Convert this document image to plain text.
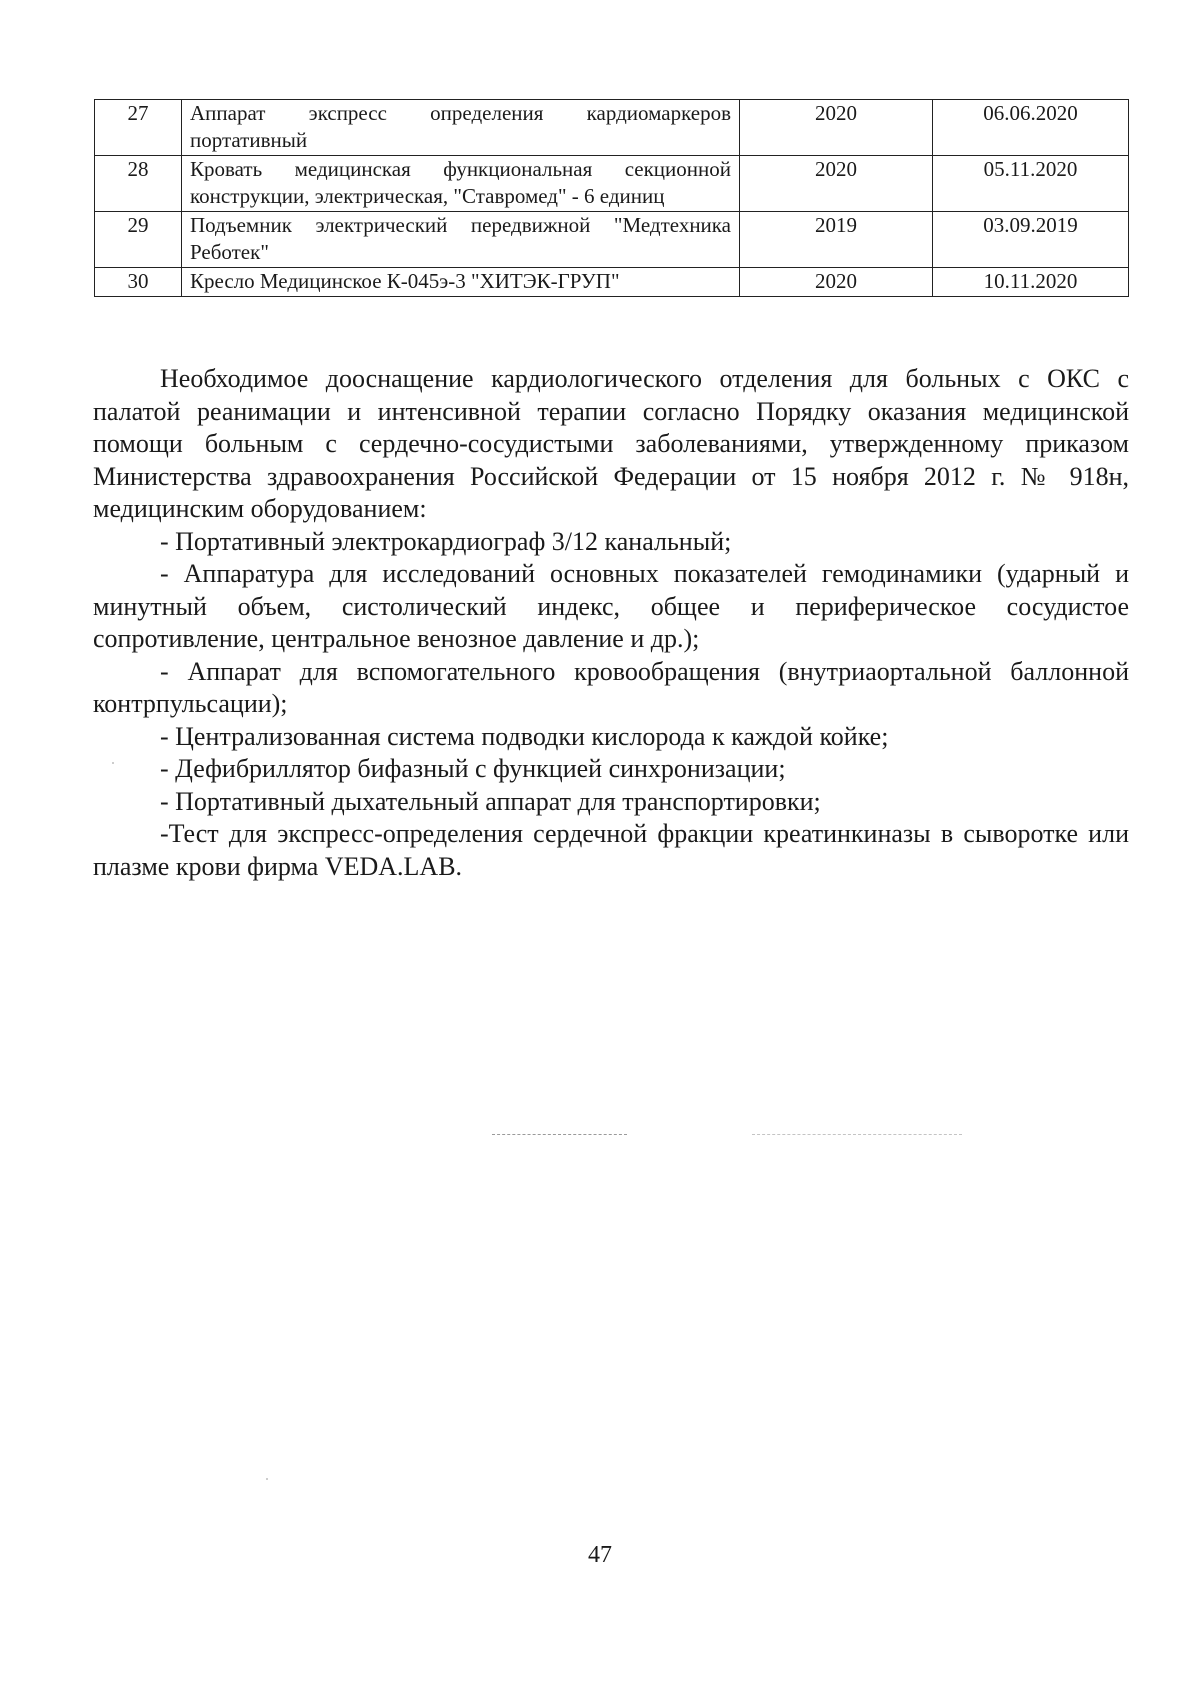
27	Аппарат экспресс определения кардиомаркеров портативный	2020	06.06.2020
28	Кровать медицинская функциональная секционной конструкции, электрическая, "Ставромед" - 6 единиц	2020	05.11.2020
29	Подъемник электрический передвижной "Медтехника Реботек"	2019	03.09.2019
30	Кресло Медицинское К-045э-3 "ХИТЭК-ГРУП"	2020	10.11.2020

Необходимое дооснащение кардиологического отделения для больных с ОКС с палатой реанимации и интенсивной терапии согласно Порядку оказания медицинской помощи больным с сердечно-сосудистыми заболеваниями, утвержденному приказом Министерства здравоохранения Российской Федерации от 15 ноября 2012 г. № 918н, медицинским оборудованием:

- Портативный электрокардиограф 3/12 канальный;

- Аппаратура для исследований основных показателей гемодинамики (ударный и минутный объем, систолический индекс, общее и периферическое сосудистое сопротивление, центральное венозное давление и др.);

- Аппарат для вспомогательного кровообращения (внутриаортальной баллонной контрпульсации);

- Централизованная система подводки кислорода к каждой койке;

- Дефибриллятор бифазный с функцией синхронизации;

- Портативный дыхательный аппарат для транспортировки;

-Тест для экспресс-определения сердечной фракции креатинкиназы в сыворотке или плазме крови фирма VEDA.LAB.

47
